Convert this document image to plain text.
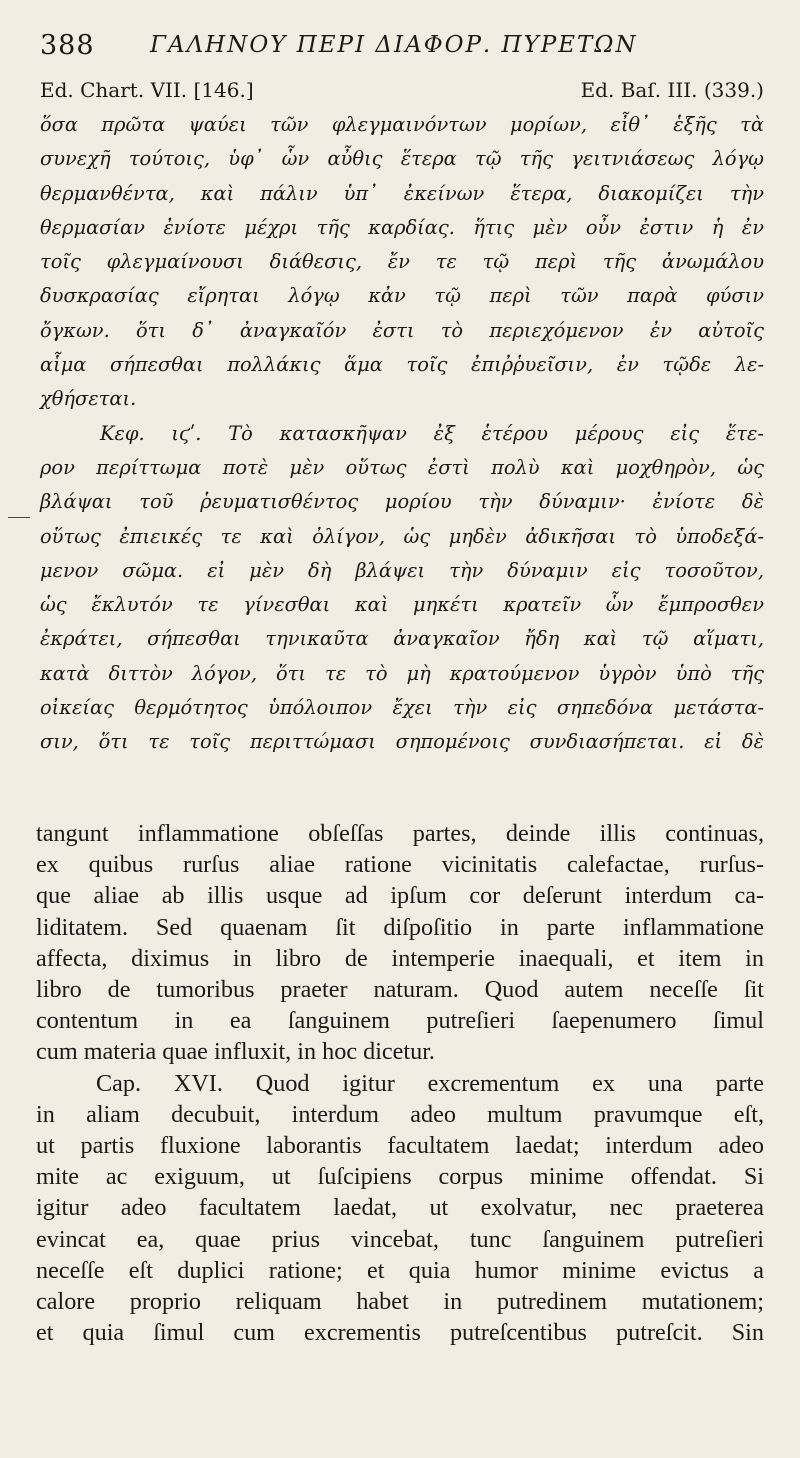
388 ΓΑΛΗΝΟΥ ΠΕΡΙ ΔΙΑΦΟΡ. ΠΥΡΕΤΩΝ
Ed. Chart. VII. [146.]	Ed. Baſ. III. (339.)
ὅσα πρῶτα ψαύει τῶν φλεγμαινόντων μορίων, εἶθ᾽ ἑξῆς τὰ
συνεχῆ τούτοις, ὑφ᾽ ὧν αὖθις ἕτερα τῷ τῆς γειτνιάσεως λόγῳ
θερμανθέντα, καὶ πάλιν ὑπ᾽ ἐκείνων ἕτερα, διακομίζει τὴν
θερμασίαν ἐνίοτε μέχρι τῆς καρδίας. ἥτις μὲν οὖν ἐστιν ἡ ἐν
τοῖς φλεγμαίνουσι διάθεσις, ἔν τε τῷ περὶ τῆς ἀνωμάλου
δυσκρασίας εἴρηται λόγῳ κἀν τῷ περὶ τῶν παρὰ φύσιν
ὄγκων. ὅτι δ᾽ ἀναγκαῖόν ἐστι τὸ περιεχόμενον ἐν αὐτοῖς
αἷμα σήπεσθαι πολλάκις ἅμα τοῖς ἐπιῤῥυεῖσιν, ἐν τῷδε λε-
χθήσεται.
Κεφ. ιϛʹ. Τὸ κατασκῆψαν ἐξ ἑτέρου μέρους εἰς ἕτε-
ρον περίττωμα ποτὲ μὲν οὕτως ἐστὶ πολὺ καὶ μοχθηρὸν, ὡς
βλάψαι τοῦ ῥευματισθέντος μορίου τὴν δύναμιν· ἐνίοτε δὲ
οὕτως ἐπιεικές τε καὶ ὀλίγον, ὡς μηδὲν ἀδικῆσαι τὸ ὑποδεξά-
μενον σῶμα. εἰ μὲν δὴ βλάψει τὴν δύναμιν εἰς τοσοῦτον,
ὡς ἔκλυτόν τε γίνεσθαι καὶ μηκέτι κρατεῖν ὧν ἔμπροσθεν
ἐκράτει, σήπεσθαι τηνικαῦτα ἀναγκαῖον ἤδη καὶ τῷ αἵματι,
κατὰ διττὸν λόγον, ὅτι τε τὸ μὴ κρατούμενον ὑγρὸν ὑπὸ τῆς
οἰκείας θερμότητος ὑπόλοιπον ἔχει τὴν εἰς σηπεδόνα μετάστα-
σιν, ὅτι τε τοῖς περιττώμασι σηπομένοις συνδιασήπεται. εἰ δὲ
tangunt inflammatione obſeſſas partes, deinde illis continuas,
ex quibus rurſus aliae ratione vicinitatis calefactae, rurſus-
que aliae ab illis usque ad ipſum cor deſerunt interdum ca-
liditatem. Sed quaenam ſit diſpoſitio in parte inflammatione
affecta, diximus in libro de intemperie inaequali, et item in
libro de tumoribus praeter naturam. Quod autem neceſſe ſit
contentum in ea ſanguinem putreſieri ſaepenumero ſimul
cum materia quae influxit, in hoc dicetur.
Cap. XVI. Quod igitur excrementum ex una parte
in aliam decubuit, interdum adeo multum pravumque eſt,
ut partis fluxione laborantis facultatem laedat; interdum adeo
mite ac exiguum, ut ſuſcipiens corpus minime offendat. Si
igitur adeo facultatem laedat, ut exolvatur, nec praeterea
evincat ea, quae prius vincebat, tunc ſanguinem putreſieri
neceſſe eſt duplici ratione; et quia humor minime evictus a
calore proprio reliquam habet in putredinem mutationem;
et quia ſimul cum excrementis putreſcentibus putreſcit. Sin
